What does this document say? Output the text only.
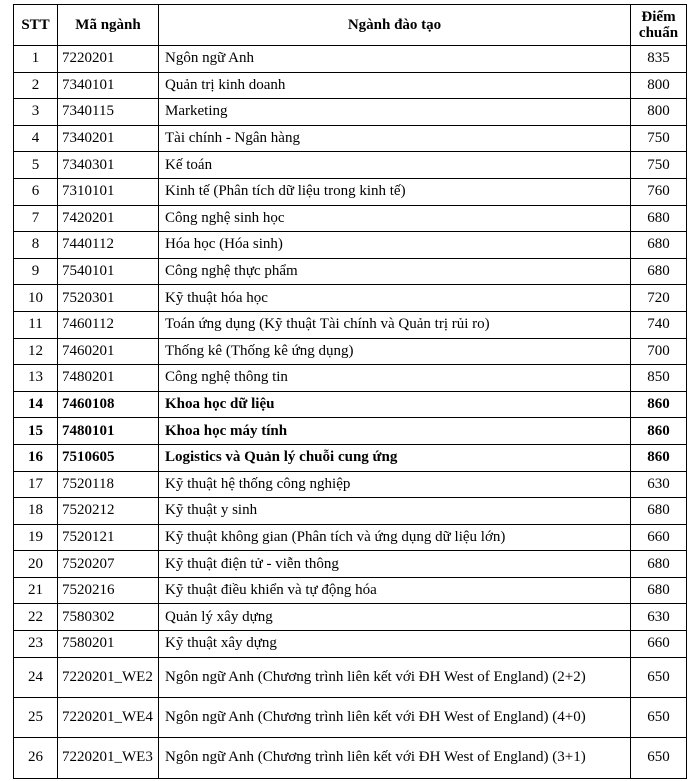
STT	Mã ngành	Ngành đào tạo	Điểm chuẩn
1	7220201	Ngôn ngữ Anh	835
2	7340101	Quản trị kinh doanh	800
3	7340115	Marketing	800
4	7340201	Tài chính - Ngân hàng	750
5	7340301	Kế toán	750
6	7310101	Kinh tế (Phân tích dữ liệu trong kinh tế)	760
7	7420201	Công nghệ sinh học	680
8	7440112	Hóa học (Hóa sinh)	680
9	7540101	Công nghệ thực phẩm	680
10	7520301	Kỹ thuật hóa học	720
11	7460112	Toán ứng dụng (Kỹ thuật Tài chính và Quản trị rủi ro)	740
12	7460201	Thống kê (Thống kê ứng dụng)	700
13	7480201	Công nghệ thông tin	850
14	7460108	Khoa học dữ liệu	860
15	7480101	Khoa học máy tính	860
16	7510605	Logistics và Quản lý chuỗi cung ứng	860
17	7520118	Kỹ thuật hệ thống công nghiệp	630
18	7520212	Kỹ thuật y sinh	680
19	7520121	Kỹ thuật không gian (Phân tích và ứng dụng dữ liệu lớn)	660
20	7520207	Kỹ thuật điện tử - viễn thông	680
21	7520216	Kỹ thuật điều khiển và tự động hóa	680
22	7580302	Quản lý xây dựng	630
23	7580201	Kỹ thuật xây dựng	660
24	7220201_WE2	Ngôn ngữ Anh (Chương trình liên kết với ĐH West of England) (2+2)	650
25	7220201_WE4	Ngôn ngữ Anh (Chương trình liên kết với ĐH West of England) (4+0)	650
26	7220201_WE3	Ngôn ngữ Anh (Chương trình liên kết với ĐH West of England) (3+1)	650
